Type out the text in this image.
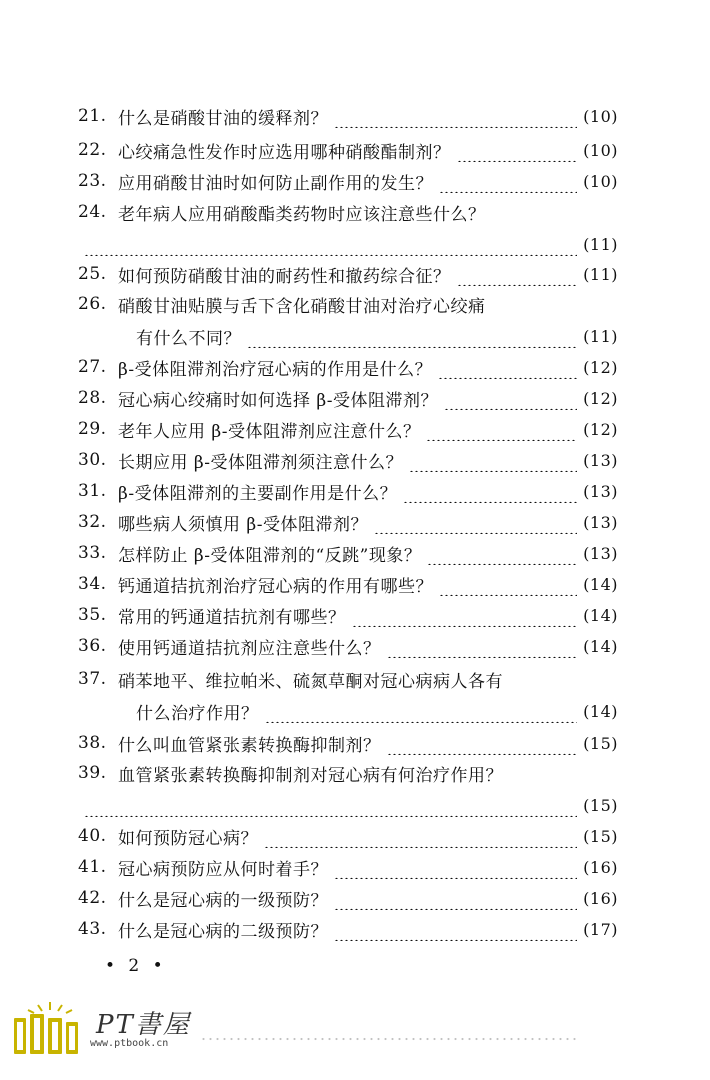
21. 什么是硝酸甘油的缓释剂？	(10)
22. 心绞痛急性发作时应选用哪种硝酸酯制剂？	(10)
23. 应用硝酸甘油时如何防止副作用的发生？	(10)
24. 老年病人应用硝酸酯类药物时应该注意些什么？
(11)
25. 如何预防硝酸甘油的耐药性和撤药综合征？	(11)
26. 硝酸甘油贴膜与舌下含化硝酸甘油对治疗心绞痛
有什么不同？	(11)
27. β-受体阻滞剂治疗冠心病的作用是什么？	(12)
28. 冠心病心绞痛时如何选择 β-受体阻滞剂？	(12)
29. 老年人应用 β-受体阻滞剂应注意什么？	(12)
30. 长期应用 β-受体阻滞剂须注意什么？	(13)
31. β-受体阻滞剂的主要副作用是什么？	(13)
32. 哪些病人须慎用 β-受体阻滞剂？	(13)
33. 怎样防止 β-受体阻滞剂的“反跳”现象？	(13)
34. 钙通道拮抗剂治疗冠心病的作用有哪些？	(14)
35. 常用的钙通道拮抗剂有哪些？	(14)
36. 使用钙通道拮抗剂应注意些什么？	(14)
37. 硝苯地平、维拉帕米、硫氮草酮对冠心病病人各有
什么治疗作用？	(14)
38. 什么叫血管紧张素转换酶抑制剂？	(15)
39. 血管紧张素转换酶抑制剂对冠心病有何治疗作用？
(15)
40. 如何预防冠心病？	(15)
41. 冠心病预防应从何时着手？	(16)
42. 什么是冠心病的一级预防？	(16)
43. 什么是冠心病的二级预防？	(17)
• 2 •
PT書屋
www.ptbook.cn
